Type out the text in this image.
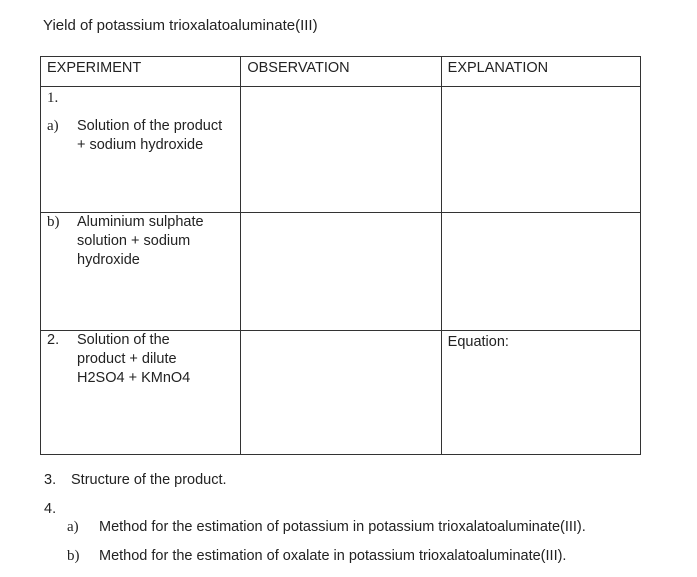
Yield of potassium trioxalatoaluminate(III)
EXPERIMENT	OBSERVATION	EXPLANATION

1.
a) Solution of the product + sodium hydroxide		

b) Aluminium sulphate solution + sodium hydroxide		

2. Solution of the
product + dilute
H2SO4 + KMnO4		Equation:
3. Structure of the product.
4.
a)	Method for the estimation of potassium in potassium trioxalatoaluminate(III).
b)	Method for the estimation of oxalate in potassium trioxalatoaluminate(III).
